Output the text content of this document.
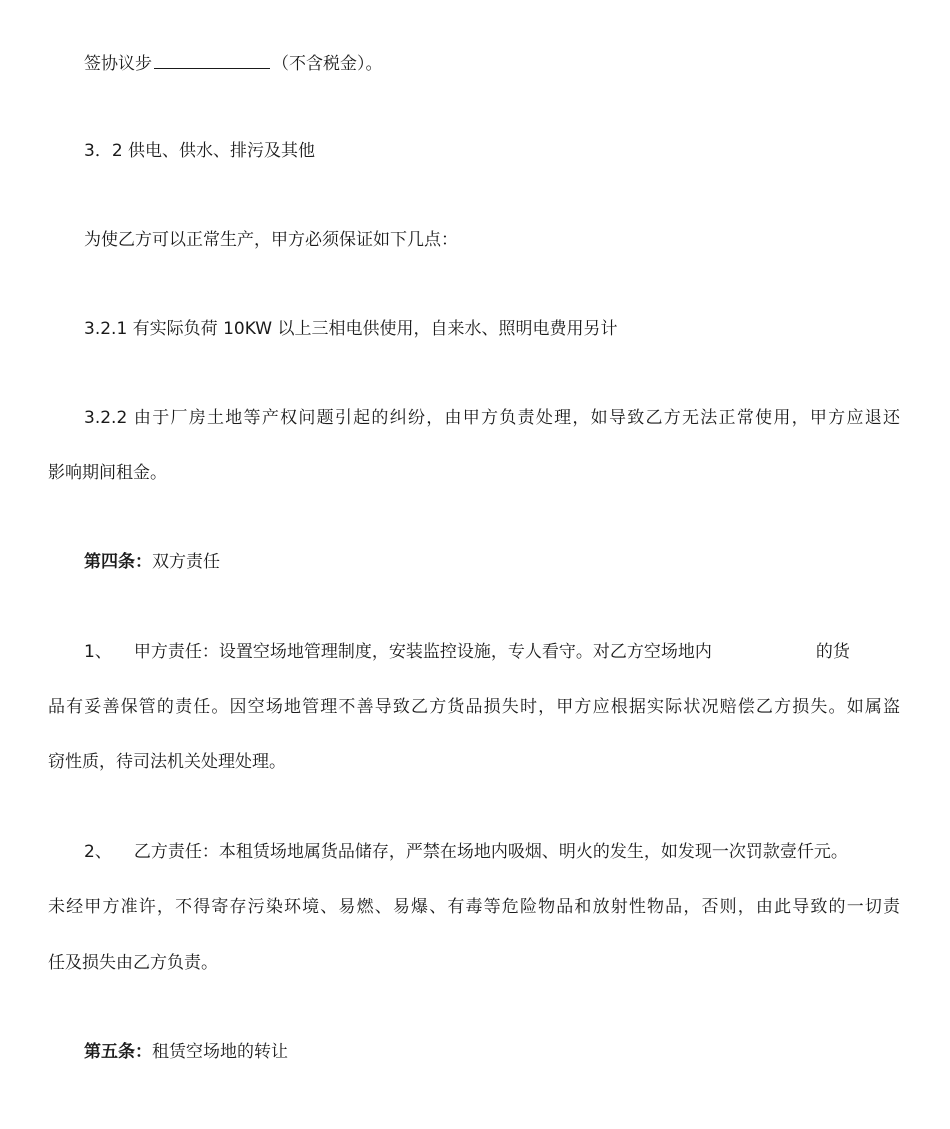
签协议步	（不含税金）。
3．2 供电、供水、排污及其他
为使乙方可以正常生产，甲方必须保证如下几点：
3.2.1 有实际负荷 10KW 以上三相电供使用，自来水、照明电费用另计
3.2.2 由于厂房土地等产权问题引起的纠纷，由甲方负责处理，如导致乙方无法正常使用，甲方应退还
影响期间租金。
第四条：双方责任
1、 甲方责任：设置空场地管理制度，安装监控设施，专人看守。对乙方空场地内	的货
品有妥善保管的责任。因空场地管理不善导致乙方货品损失时，甲方应根据实际状况赔偿乙方损失。如属盗
窃性质，待司法机关处理处理。
2、 乙方责任：本租赁场地属货品储存，严禁在场地内吸烟、明火的发生，如发现一次罚款壹仟元。
未经甲方准许，不得寄存污染环境、易燃、易爆、有毒等危险物品和放射性物品，否则，由此导致的一切责
任及损失由乙方负责。
第五条：租赁空场地的转让
